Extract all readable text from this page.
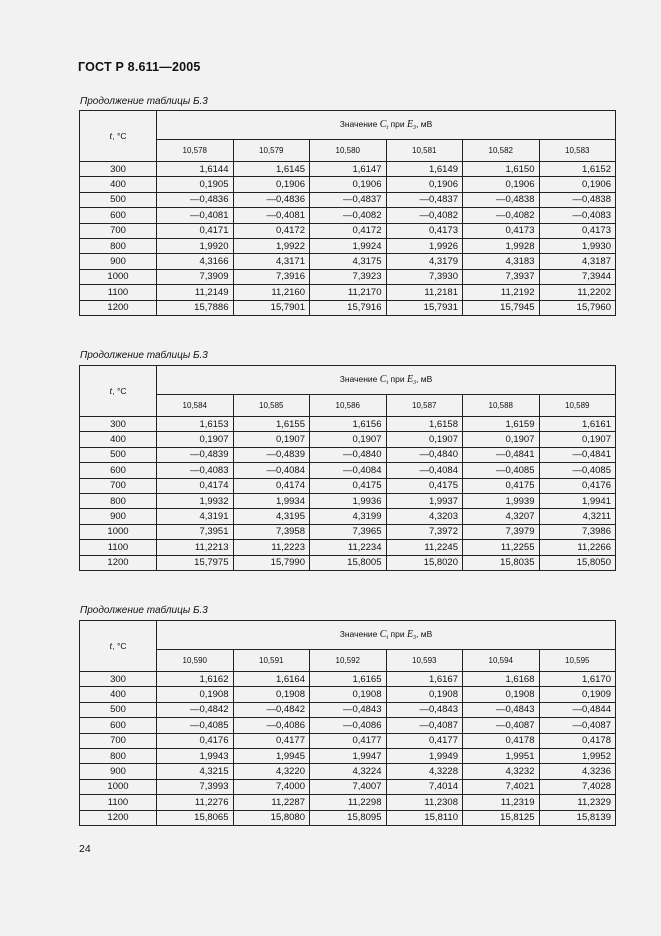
ГОСТ Р 8.611—2005
Продолжение таблицы Б.3
t, °C	Значение $C_t$ при $E_3$, мВ					
	10,578	10,579	10,580	10,581	10,582	10,583
300	1,6144	1,6145	1,6147	1,6149	1,6150	1,6152
400	0,1905	0,1906	0,1906	0,1906	0,1906	0,1906
500	—0,4836	—0,4836	—0,4837	—0,4837	—0,4838	—0,4838
600	—0,4081	—0,4081	—0,4082	—0,4082	—0,4082	—0,4083
700	0,4171	0,4172	0,4172	0,4173	0,4173	0,4173
800	1,9920	1,9922	1,9924	1,9926	1,9928	1,9930
900	4,3166	4,3171	4,3175	4,3179	4,3183	4,3187
1000	7,3909	7,3916	7,3923	7,3930	7,3937	7,3944
1100	11,2149	11,2160	11,2170	11,2181	11,2192	11,2202
1200	15,7886	15,7901	15,7916	15,7931	15,7945	15,7960
Продолжение таблицы Б.3
t, °C	Значение $C_t$ при $E_3$, мВ					
	10,584	10,585	10,586	10,587	10,588	10,589
300	1,6153	1,6155	1,6156	1,6158	1,6159	1,6161
400	0,1907	0,1907	0,1907	0,1907	0,1907	0,1907
500	—0,4839	—0,4839	—0,4840	—0,4840	—0,4841	—0,4841
600	—0,4083	—0,4084	—0,4084	—0,4084	—0,4085	—0,4085
700	0,4174	0,4174	0,4175	0,4175	0,4175	0,4176
800	1,9932	1,9934	1,9936	1,9937	1,9939	1,9941
900	4,3191	4,3195	4,3199	4,3203	4,3207	4,3211
1000	7,3951	7,3958	7,3965	7,3972	7,3979	7,3986
1100	11,2213	11,2223	11,2234	11,2245	11,2255	11,2266
1200	15,7975	15,7990	15,8005	15,8020	15,8035	15,8050
Продолжение таблицы Б.3
t, °C	Значение $C_t$ при $E_3$, мВ					
	10,590	10,591	10,592	10,593	10,594	10,595
300	1,6162	1,6164	1,6165	1,6167	1,6168	1,6170
400	0,1908	0,1908	0,1908	0,1908	0,1908	0,1909
500	—0,4842	—0,4842	—0,4843	—0,4843	—0,4843	—0,4844
600	—0,4085	—0,4086	—0,4086	—0,4087	—0,4087	—0,4087
700	0,4176	0,4177	0,4177	0,4177	0,4178	0,4178
800	1,9943	1,9945	1,9947	1,9949	1,9951	1,9952
900	4,3215	4,3220	4,3224	4,3228	4,3232	4,3236
1000	7,3993	7,4000	7,4007	7,4014	7,4021	7,4028
1100	11,2276	11,2287	11,2298	11,2308	11,2319	11,2329
1200	15,8065	15,8080	15,8095	15,8110	15,8125	15,8139
24
